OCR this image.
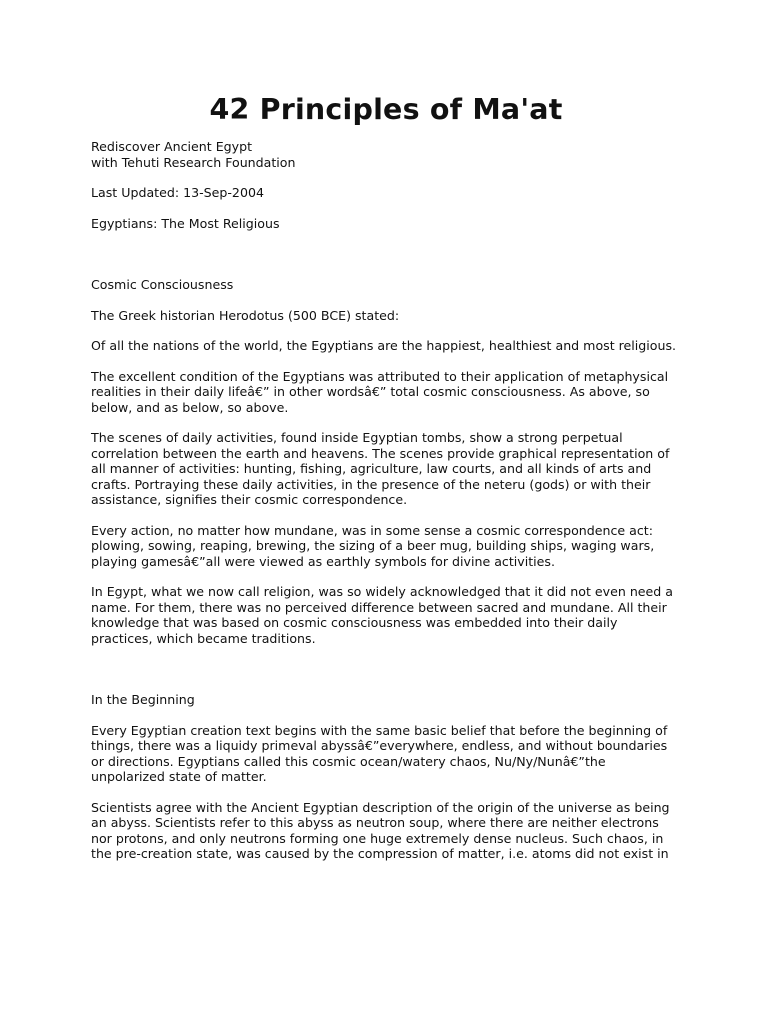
42 Principles of Ma'at

Rediscover Ancient Egypt
with Tehuti Research Foundation

Last Updated: 13-Sep-2004

Egyptians: The Most Religious

Cosmic Consciousness

The Greek historian Herodotus (500 BCE) stated:

Of all the nations of the world, the Egyptians are the happiest, healthiest and most religious.

The excellent condition of the Egyptians was attributed to their application of metaphysical
realities in their daily lifeâ€” in other wordsâ€” total cosmic consciousness. As above, so
below, and as below, so above.

The scenes of daily activities, found inside Egyptian tombs, show a strong perpetual
correlation between the earth and heavens. The scenes provide graphical representation of
all manner of activities: hunting, fishing, agriculture, law courts, and all kinds of arts and
crafts. Portraying these daily activities, in the presence of the neteru (gods) or with their
assistance, signifies their cosmic correspondence.

Every action, no matter how mundane, was in some sense a cosmic correspondence act:
plowing, sowing, reaping, brewing, the sizing of a beer mug, building ships, waging wars,
playing gamesâ€”all were viewed as earthly symbols for divine activities.

In Egypt, what we now call religion, was so widely acknowledged that it did not even need a
name. For them, there was no perceived difference between sacred and mundane. All their
knowledge that was based on cosmic consciousness was embedded into their daily
practices, which became traditions.

In the Beginning

Every Egyptian creation text begins with the same basic belief that before the beginning of
things, there was a liquidy primeval abyssâ€”everywhere, endless, and without boundaries
or directions. Egyptians called this cosmic ocean/watery chaos, Nu/Ny/Nunâ€”the
unpolarized state of matter.

Scientists agree with the Ancient Egyptian description of the origin of the universe as being
an abyss. Scientists refer to this abyss as neutron soup, where there are neither electrons
nor protons, and only neutrons forming one huge extremely dense nucleus. Such chaos, in
the pre-creation state, was caused by the compression of matter, i.e. atoms did not exist in
